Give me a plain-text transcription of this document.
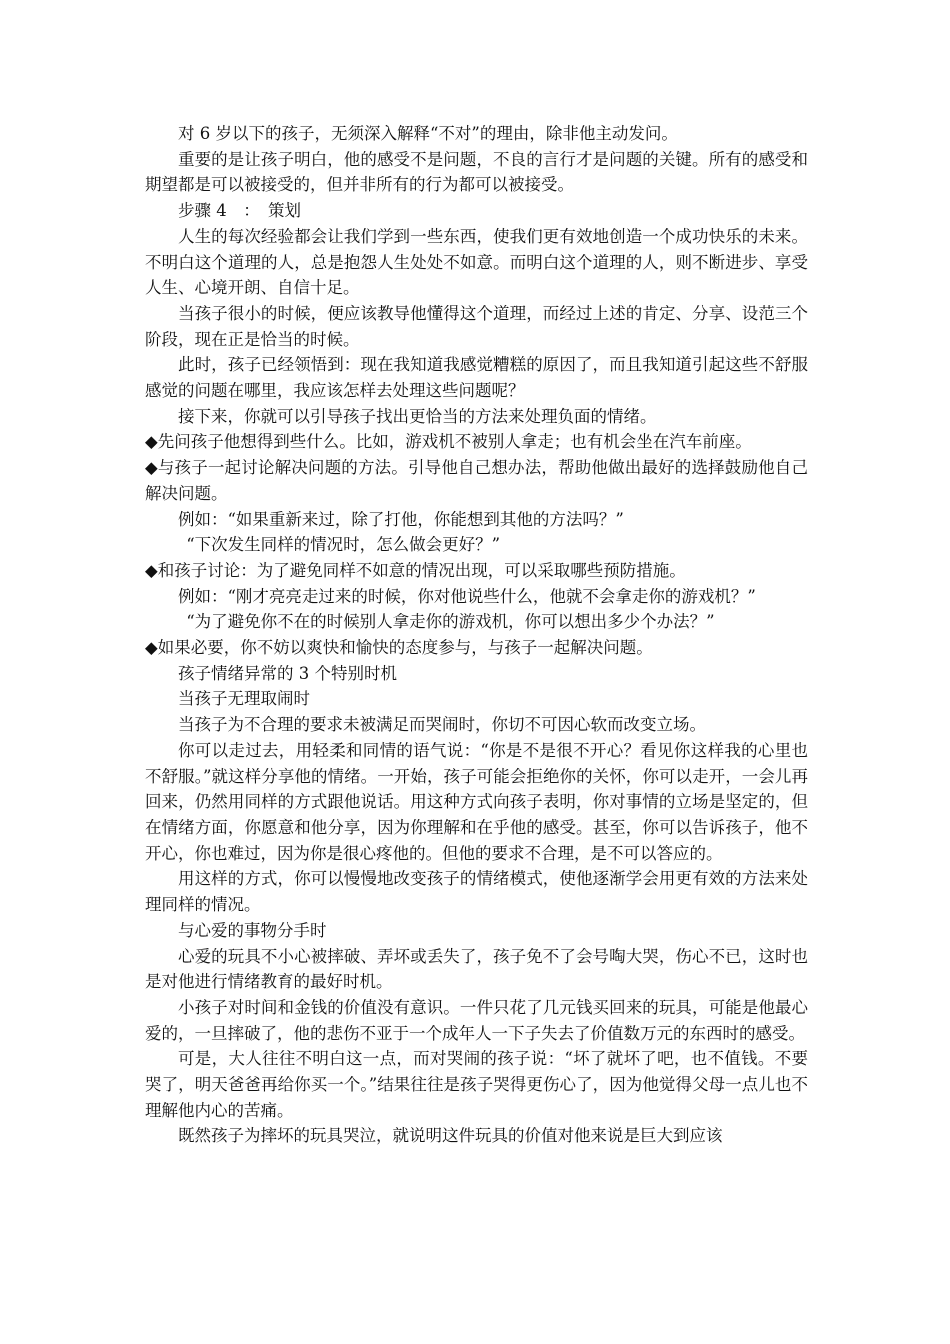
对 6 岁以下的孩子，无须深入解释“不对”的理由，除非他主动发问。

重要的是让孩子明白，他的感受不是问题，不良的言行才是问题的关键。所有的感受和期望都是可以被接受的，但并非所有的行为都可以被接受。

步骤 4　：　策划

人生的每次经验都会让我们学到一些东西，使我们更有效地创造一个成功快乐的未来。不明白这个道理的人，总是抱怨人生处处不如意。而明白这个道理的人，则不断进步、享受人生、心境开朗、自信十足。

当孩子很小的时候，便应该教导他懂得这个道理，而经过上述的肯定、分享、设范三个阶段，现在正是恰当的时候。

此时，孩子已经领悟到：现在我知道我感觉糟糕的原因了，而且我知道引起这些不舒服感觉的问题在哪里，我应该怎样去处理这些问题呢？

接下来，你就可以引导孩子找出更恰当的方法来处理负面的情绪。

◆先问孩子他想得到些什么。比如，游戏机不被别人拿走；也有机会坐在汽车前座。

◆与孩子一起讨论解决问题的方法。引导他自己想办法，帮助他做出最好的选择鼓励他自己解决问题。

例如：“如果重新来过，除了打他，你能想到其他的方法吗？”

“下次发生同样的情况时，怎么做会更好？”

◆和孩子讨论：为了避免同样不如意的情况出现，可以采取哪些预防措施。

例如：“刚才亮亮走过来的时候，你对他说些什么，他就不会拿走你的游戏机？”

“为了避免你不在的时候别人拿走你的游戏机，你可以想出多少个办法？”

◆如果必要，你不妨以爽快和愉快的态度参与，与孩子一起解决问题。

孩子情绪异常的 3 个特别时机

当孩子无理取闹时

当孩子为不合理的要求未被满足而哭闹时，你切不可因心软而改变立场。

你可以走过去，用轻柔和同情的语气说：“你是不是很不开心？看见你这样我的心里也不舒服。”就这样分享他的情绪。一开始，孩子可能会拒绝你的关怀，你可以走开，一会儿再回来，仍然用同样的方式跟他说话。用这种方式向孩子表明，你对事情的立场是坚定的，但在情绪方面，你愿意和他分享，因为你理解和在乎他的感受。甚至，你可以告诉孩子，他不开心，你也难过，因为你是很心疼他的。但他的要求不合理，是不可以答应的。

用这样的方式，你可以慢慢地改变孩子的情绪模式，使他逐渐学会用更有效的方法来处理同样的情况。

与心爱的事物分手时

心爱的玩具不小心被摔破、弄坏或丢失了，孩子免不了会号啕大哭，伤心不已，这时也是对他进行情绪教育的最好时机。

小孩子对时间和金钱的价值没有意识。一件只花了几元钱买回来的玩具，可能是他最心爱的，一旦摔破了，他的悲伤不亚于一个成年人一下子失去了价值数万元的东西时的感受。

可是，大人往往不明白这一点，而对哭闹的孩子说：“坏了就坏了吧，也不值钱。不要哭了，明天爸爸再给你买一个。”结果往往是孩子哭得更伤心了，因为他觉得父母一点儿也不理解他内心的苦痛。

既然孩子为摔坏的玩具哭泣，就说明这件玩具的价值对他来说是巨大到应该
